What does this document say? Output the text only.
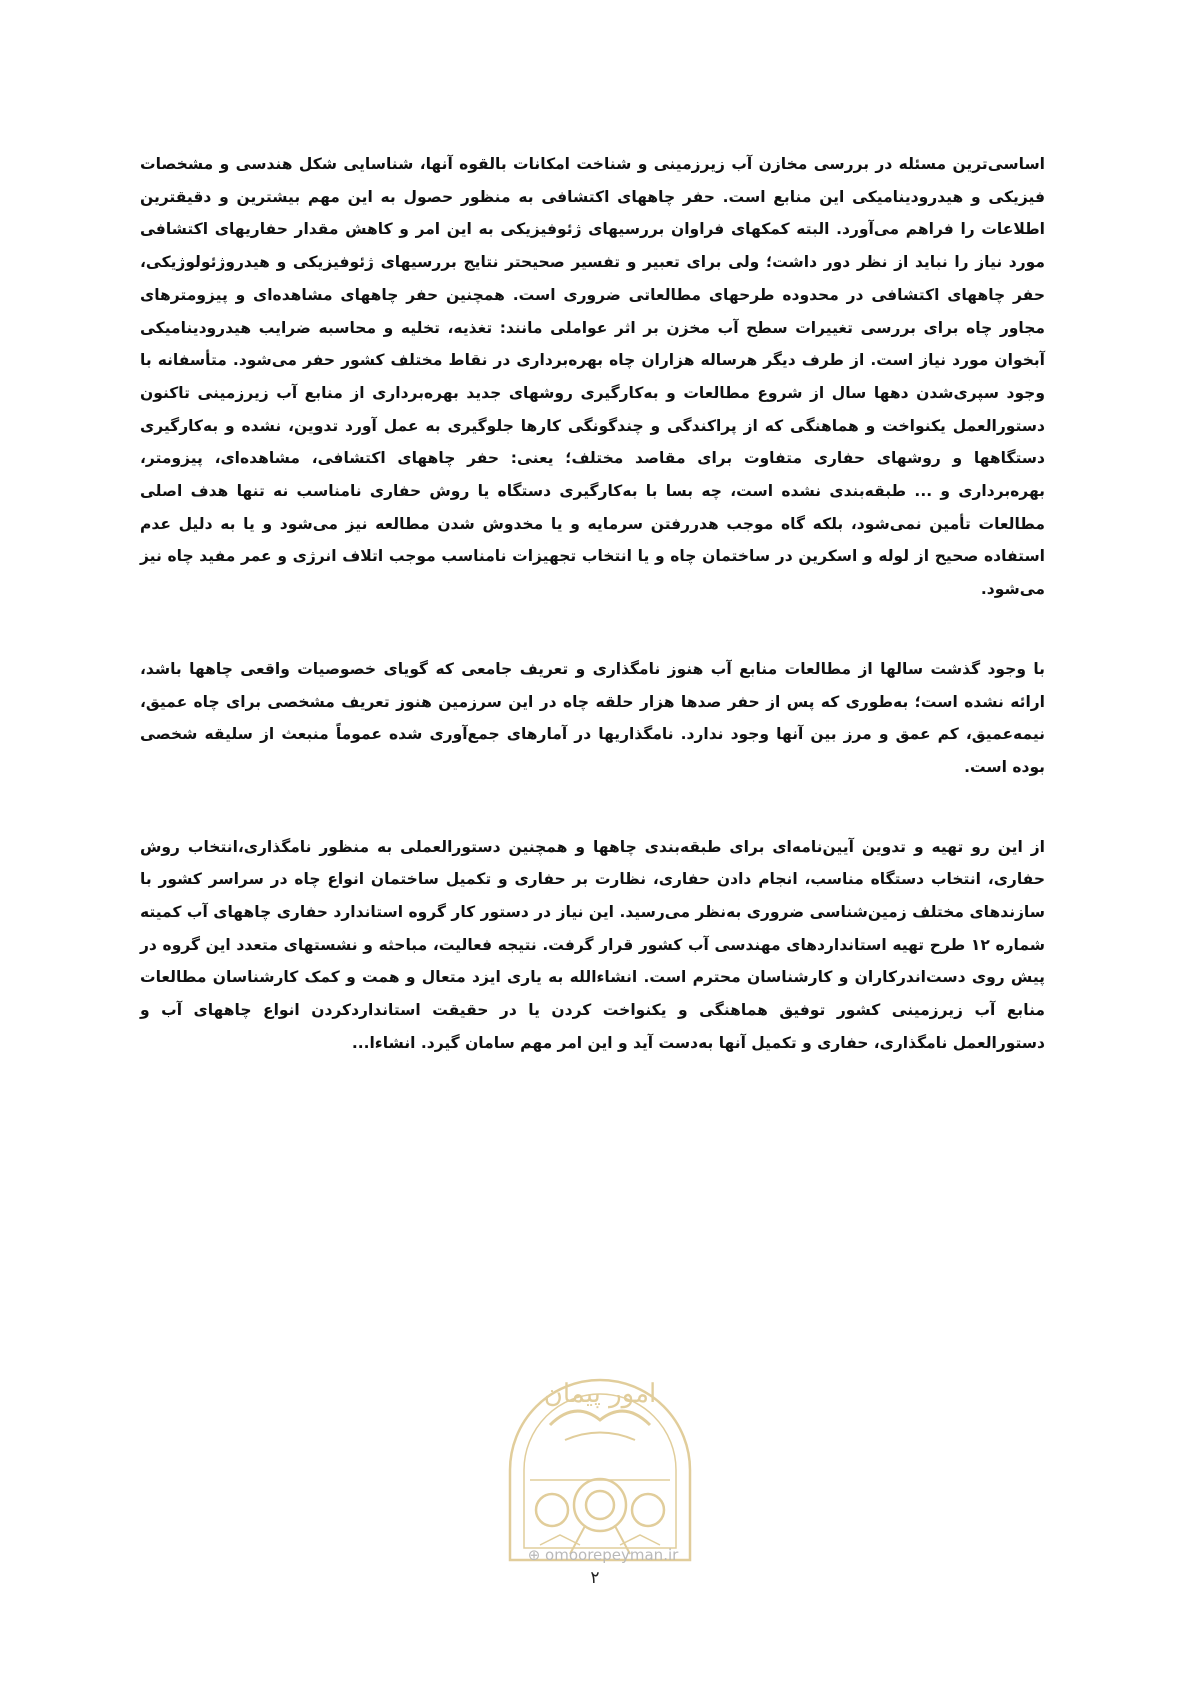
اساسی‌ترین مسئله در بررسی مخازن آب زیرزمینی و شناخت امکانات بالقوه آنها، شناسایی شکل هندسی و مشخصات فیزیکی و هیدرودینامیکی این منابع است. حفر چاههای اکتشافی به منظور حصول به این مهم بیشترین و دقیقترین اطلاعات را فراهم می‌آورد. البته کمکهای فراوان بررسیهای ژئوفیزیکی به این امر و کاهش مقدار حفاریهای اکتشافی مورد نیاز را نباید از نظر دور داشت؛ ولی برای تعبیر و تفسیر صحیحتر نتایج بررسیهای ژئوفیزیکی و هیدروژئولوژیکی، حفر چاههای اکتشافی در محدوده طرحهای مطالعاتی ضروری است. همچنین حفر چاههای مشاهده‌ای و پیزومترهای مجاور چاه برای بررسی تغییرات سطح آب مخزن بر اثر عواملی مانند: تغذیه، تخلیه و محاسبه ضرایب هیدرودینامیکی آبخوان مورد نیاز است. از طرف دیگر هرساله هزاران چاه بهره‌برداری در نقاط مختلف کشور حفر می‌شود. متأسفانه با وجود سپری‌شدن دهها سال از شروع مطالعات و به‌کارگیری روشهای جدید بهره‌برداری از منابع آب زیرزمینی تاکنون دستورالعمل یکنواخت و هماهنگی که از پراکندگی و چندگونگی کارها جلوگیری به عمل آورد تدوین، نشده و به‌کارگیری دستگاهها و روشهای حفاری متفاوت برای مقاصد مختلف؛ یعنی: حفر چاههای اکتشافی، مشاهده‌ای، پیزومتر، بهره‌برداری و ... طبقه‌بندی نشده است، چه بسا با به‌کارگیری دستگاه یا روش حفاری نامناسب نه تنها هدف اصلی مطالعات تأمین نمی‌شود، بلکه گاه موجب هدررفتن سرمایه و یا مخدوش شدن مطالعه نیز می‌شود و یا به دلیل عدم استفاده صحیح از لوله و اسکرین در ساختمان چاه و یا انتخاب تجهیزات نامناسب موجب اتلاف انرژی و عمر مفید چاه نیز می‌شود.

با وجود گذشت سالها از مطالعات منابع آب هنوز نامگذاری و تعریف جامعی که گویای خصوصیات واقعی چاهها باشد، ارائه نشده است؛ به‌طوری که پس از حفر صدها هزار حلقه چاه در این سرزمین هنوز تعریف مشخصی برای چاه عمیق، نیمه‌عمیق، کم عمق و مرز بین آنها وجود ندارد. نامگذاریها در آمارهای جمع‌آوری شده عموماً منبعث از سلیقه شخصی بوده است.

از این رو تهیه و تدوین آیین‌نامه‌ای برای طبقه‌بندی چاهها و همچنین دستورالعملی به منظور نامگذاری،انتخاب روش حفاری، انتخاب دستگاه مناسب، انجام دادن حفاری، نظارت بر حفاری و تکمیل ساختمان انواع چاه در سراسر کشور با سازندهای مختلف زمین‌شناسی ضروری به‌نظر می‌رسید. این نیاز در دستور کار گروه استاندارد حفاری چاههای آب کمیته شماره ۱۲ طرح تهیه استانداردهای مهندسی آب کشور قرار گرفت. نتیجه فعالیت، مباحثه و نشستهای متعدد این گروه در پیش روی دست‌اندرکاران و کارشناسان محترم است. انشاءالله به یاری ایزد متعال و همت و کمک کارشناسان مطالعات منابع آب زیرزمینی کشور توفیق هماهنگی و یکنواخت کردن یا در حقیقت استانداردکردن انواع چاههای آب و دستورالعمل نامگذاری، حفاری و تکمیل آنها به‌دست آید و این امر مهم سامان گیرد. انشاءا...

امور پیمان
⊕ omoorepeyman.ir
۲
